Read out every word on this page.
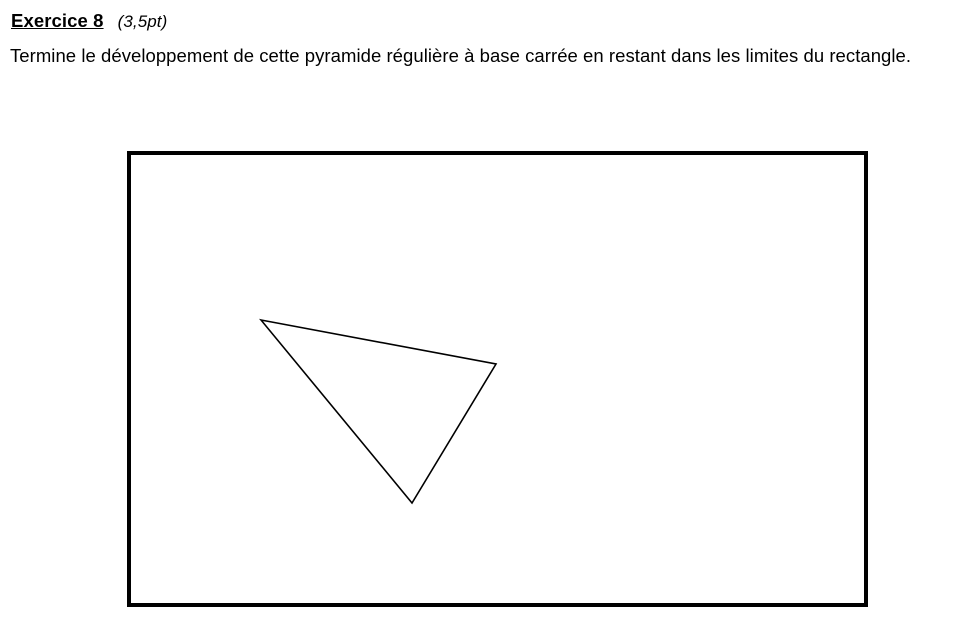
Exercice 8 (3,5pt)
Termine le développement de cette pyramide régulière à base carrée en restant dans les limites du rectangle.
